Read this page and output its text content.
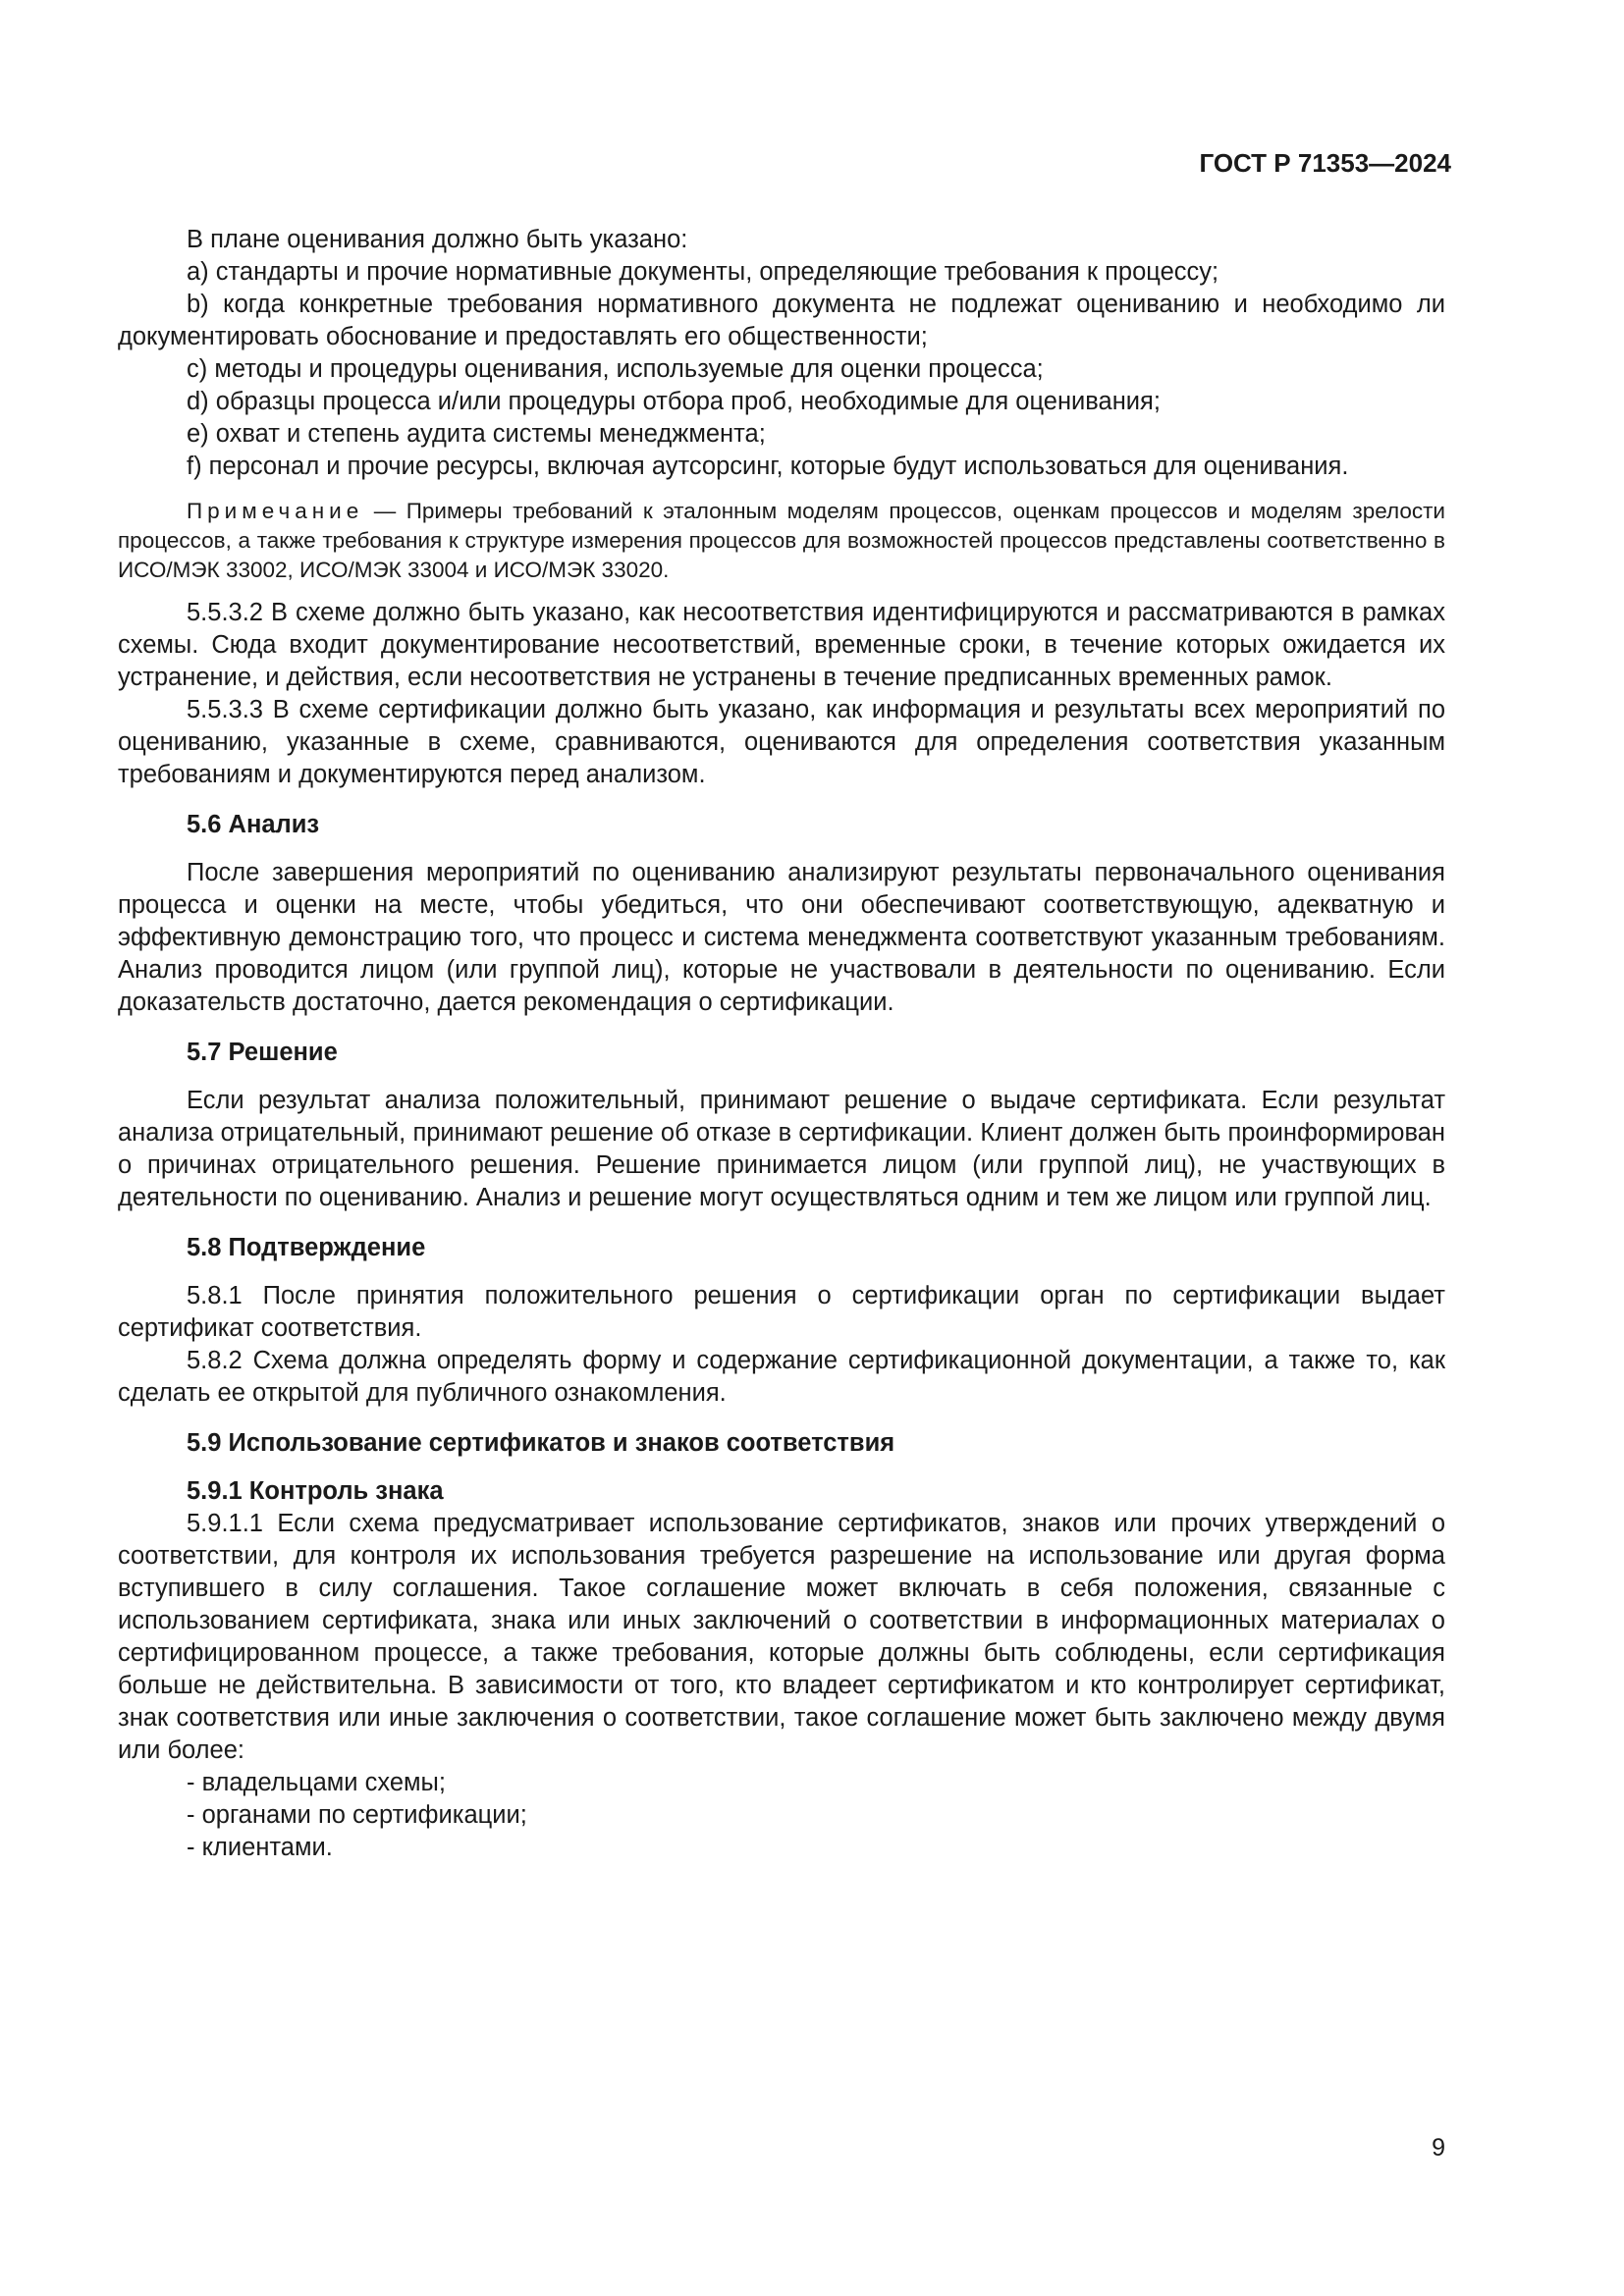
ГОСТ Р 71353—2024

В плане оценивания должно быть указано:

a) стандарты и прочие нормативные документы, определяющие требования к процессу;

b) когда конкретные требования нормативного документа не подлежат оцениванию и необходимо ли документировать обоснование и предоставлять его общественности;

c) методы и процедуры оценивания, используемые для оценки процесса;

d) образцы процесса и/или процедуры отбора проб, необходимые для оценивания;

e) охват и степень аудита системы менеджмента;

f) персонал и прочие ресурсы, включая аутсорсинг, которые будут использоваться для оценивания.

Примечание — Примеры требований к эталонным моделям процессов, оценкам процессов и моделям зрелости процессов, а также требования к структуре измерения процессов для возможностей процессов представлены соответственно в ИСО/МЭК 33002, ИСО/МЭК 33004 и ИСО/МЭК 33020.

5.5.3.2 В схеме должно быть указано, как несоответствия идентифицируются и рассматриваются в рамках схемы. Сюда входит документирование несоответствий, временные сроки, в течение которых ожидается их устранение, и действия, если несоответствия не устранены в течение предписанных временных рамок.

5.5.3.3 В схеме сертификации должно быть указано, как информация и результаты всех мероприятий по оцениванию, указанные в схеме, сравниваются, оцениваются для определения соответствия указанным требованиям и документируются перед анализом.

5.6 Анализ

После завершения мероприятий по оцениванию анализируют результаты первоначального оценивания процесса и оценки на месте, чтобы убедиться, что они обеспечивают соответствующую, адекватную и эффективную демонстрацию того, что процесс и система менеджмента соответствуют указанным требованиям. Анализ проводится лицом (или группой лиц), которые не участвовали в деятельности по оцениванию. Если доказательств достаточно, дается рекомендация о сертификации.

5.7 Решение

Если результат анализа положительный, принимают решение о выдаче сертификата. Если результат анализа отрицательный, принимают решение об отказе в сертификации. Клиент должен быть проинформирован о причинах отрицательного решения. Решение принимается лицом (или группой лиц), не участвующих в деятельности по оцениванию. Анализ и решение могут осуществляться одним и тем же лицом или группой лиц.

5.8 Подтверждение

5.8.1 После принятия положительного решения о сертификации орган по сертификации выдает сертификат соответствия.

5.8.2 Схема должна определять форму и содержание сертификационной документации, а также то, как сделать ее открытой для публичного ознакомления.

5.9 Использование сертификатов и знаков соответствия

5.9.1 Контроль знака

5.9.1.1 Если схема предусматривает использование сертификатов, знаков или прочих утверждений о соответствии, для контроля их использования требуется разрешение на использование или другая форма вступившего в силу соглашения. Такое соглашение может включать в себя положения, связанные с использованием сертификата, знака или иных заключений о соответствии в информационных материалах о сертифицированном процессе, а также требования, которые должны быть соблюдены, если сертификация больше не действительна. В зависимости от того, кто владеет сертификатом и кто контролирует сертификат, знак соответствия или иные заключения о соответствии, такое соглашение может быть заключено между двумя или более:

- владельцами схемы;

- органами по сертификации;

- клиентами.

9
